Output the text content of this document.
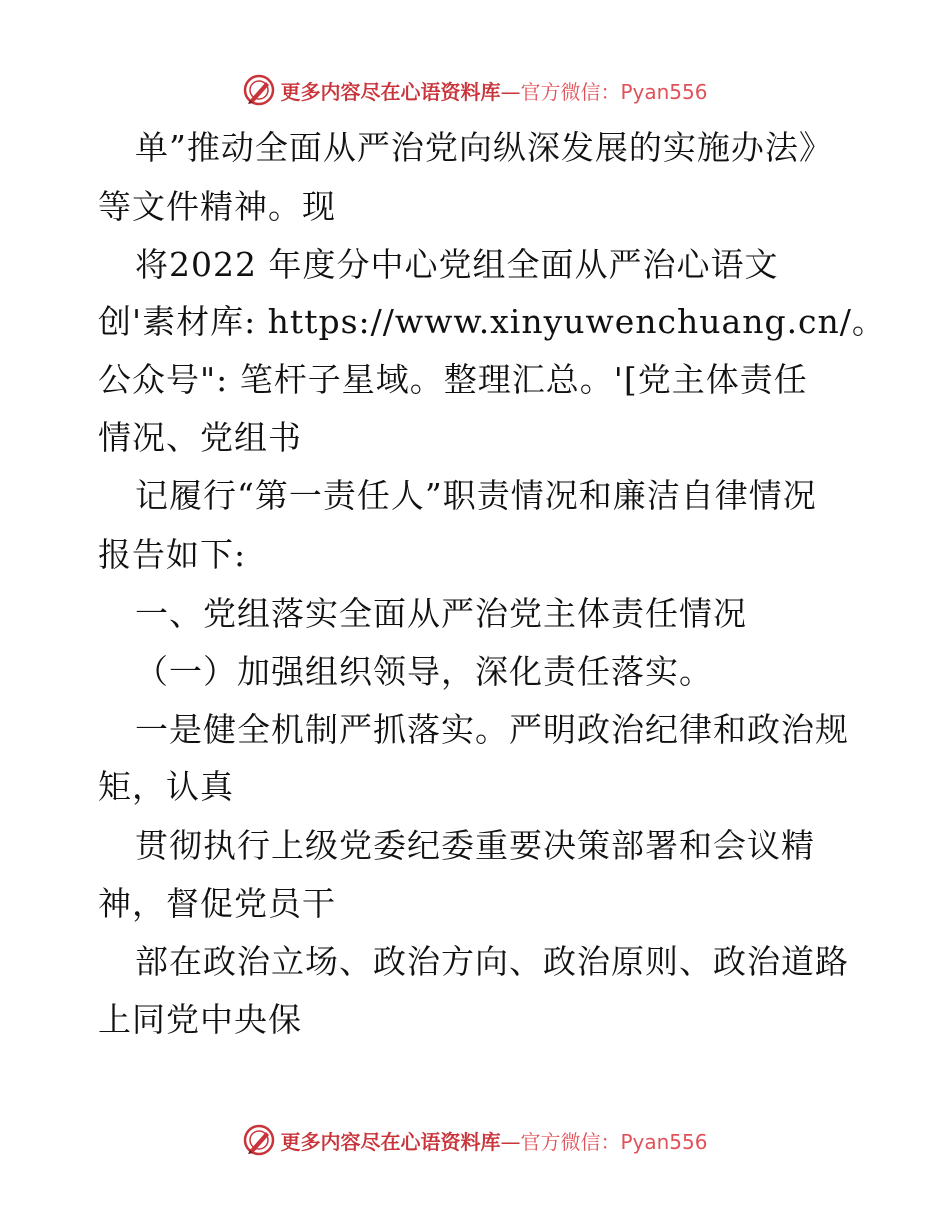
更多内容尽在心语资料库—官方微信：Pyan556
单”推动全面从严治党向纵深发展的实施办法》
等文件精神。现
将2022 年度分中心党组全面从严治心语文
创'素材库: https://www.xinyuwenchuang.cn/。
公众号": 笔杆子星域。整理汇总。'[党主体责任
情况、党组书
记履行“第一责任人”职责情况和廉洁自律情况
报告如下:
一、党组落实全面从严治党主体责任情况
（一）加强组织领导，深化责任落实。
一是健全机制严抓落实。严明政治纪律和政治规
矩，认真
贯彻执行上级党委纪委重要决策部署和会议精
神，督促党员干
部在政治立场、政治方向、政治原则、政治道路
上同党中央保
更多内容尽在心语资料库—官方微信：Pyan556
